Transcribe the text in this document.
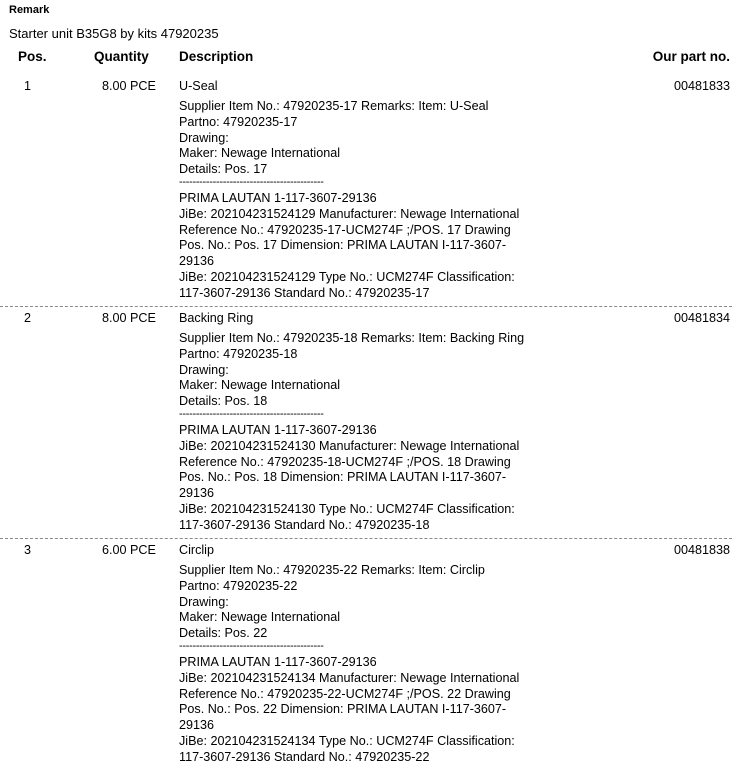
Remark
Starter unit B35G8 by kits 47920235
Pos.	Quantity Description	Our part no.
1	8.00 PCE U-Seal	00481833
Supplier Item No.: 47920235-17 Remarks: Item: U-Seal
Partno: 47920235-17
Drawing:
Maker: Newage International
Details: Pos. 17
-------------------------------------------
PRIMA LAUTAN 1-117-3607-29136
JiBe: 202104231524129 Manufacturer: Newage International
Reference No.: 47920235-17-UCM274F ;/POS. 17 Drawing
Pos. No.: Pos. 17 Dimension: PRIMA LAUTAN I-117-3607-
29136
JiBe: 202104231524129 Type No.: UCM274F Classification:
117-3607-29136 Standard No.: 47920235-17
2	8.00 PCE Backing Ring	00481834
Supplier Item No.: 47920235-18 Remarks: Item: Backing Ring
Partno: 47920235-18
Drawing:
Maker: Newage International
Details: Pos. 18
-------------------------------------------
PRIMA LAUTAN 1-117-3607-29136
JiBe: 202104231524130 Manufacturer: Newage International
Reference No.: 47920235-18-UCM274F ;/POS. 18 Drawing
Pos. No.: Pos. 18 Dimension: PRIMA LAUTAN I-117-3607-
29136
JiBe: 202104231524130 Type No.: UCM274F Classification:
117-3607-29136 Standard No.: 47920235-18
3	6.00 PCE Circlip	00481838
Supplier Item No.: 47920235-22 Remarks: Item: Circlip
Partno: 47920235-22
Drawing:
Maker: Newage International
Details: Pos. 22
-------------------------------------------
PRIMA LAUTAN 1-117-3607-29136
JiBe: 202104231524134 Manufacturer: Newage International
Reference No.: 47920235-22-UCM274F ;/POS. 22 Drawing
Pos. No.: Pos. 22 Dimension: PRIMA LAUTAN I-117-3607-
29136
JiBe: 202104231524134 Type No.: UCM274F Classification:
117-3607-29136 Standard No.: 47920235-22
